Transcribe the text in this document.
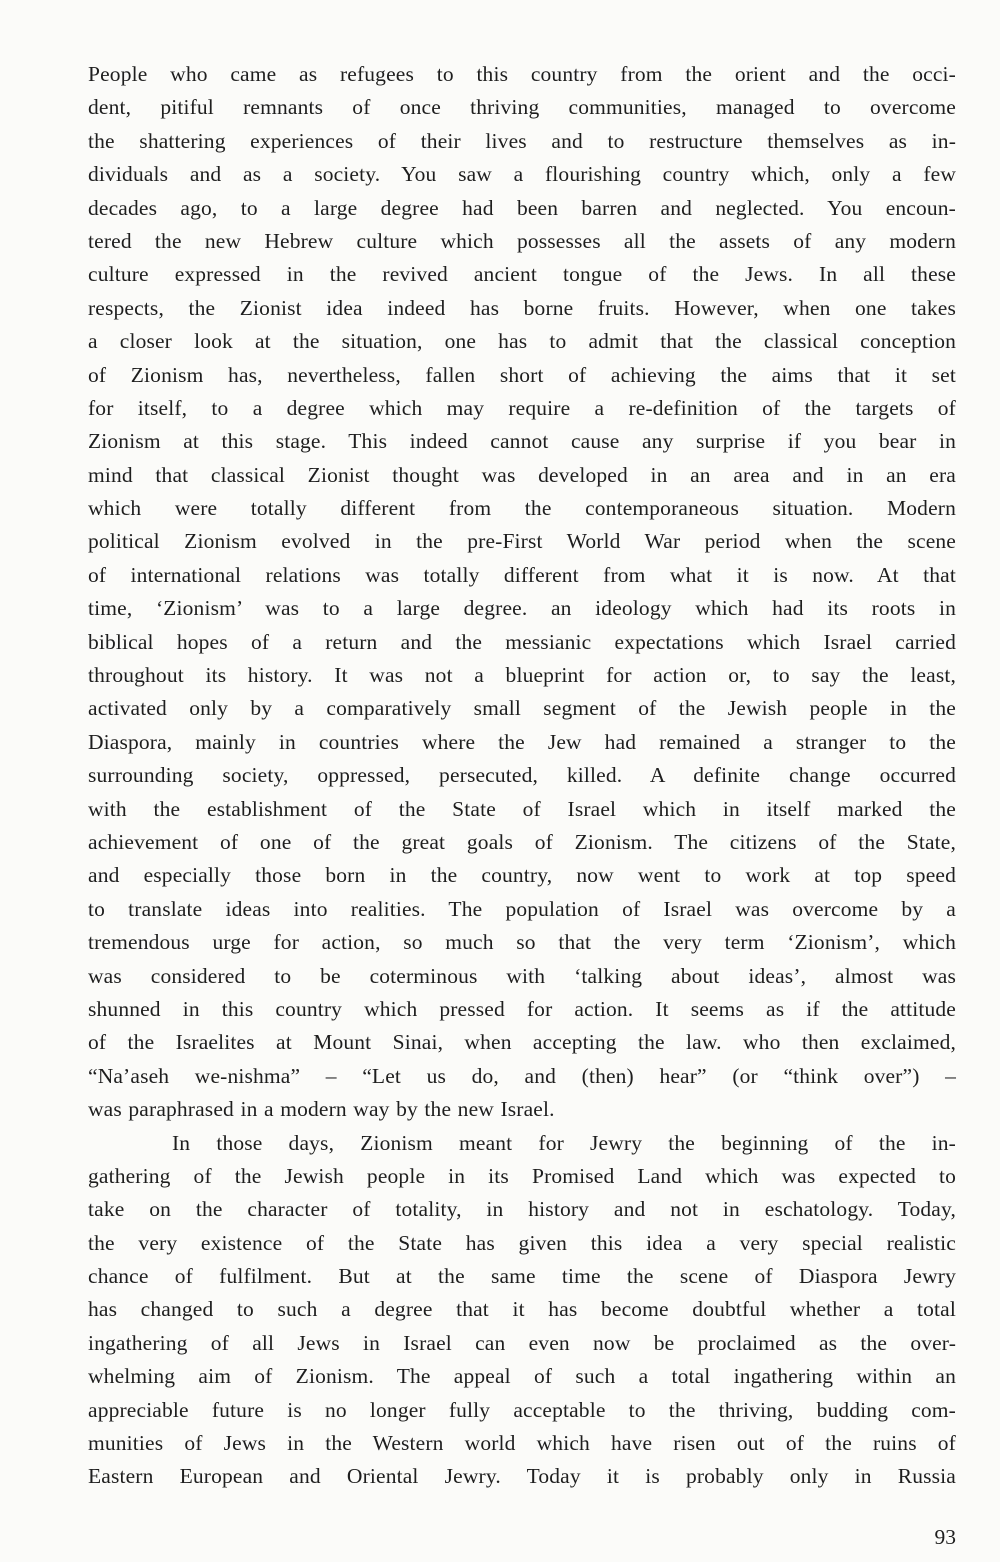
People who came as refugees to this country from the orient and the occi-
dent, pitiful remnants of once thriving communities, managed to overcome
the shattering experiences of their lives and to restructure themselves as in-
dividuals and as a society. You saw a flourishing country which, only a few
decades ago, to a large degree had been barren and neglected. You encoun-
tered the new Hebrew culture which possesses all the assets of any modern
culture expressed in the revived ancient tongue of the Jews. In all these
respects, the Zionist idea indeed has borne fruits. However, when one takes
a closer look at the situation, one has to admit that the classical conception
of Zionism has, nevertheless, fallen short of achieving the aims that it set
for itself, to a degree which may require a re-definition of the targets of
Zionism at this stage. This indeed cannot cause any surprise if you bear in
mind that classical Zionist thought was developed in an area and in an era
which were totally different from the contemporaneous situation. Modern
political Zionism evolved in the pre-First World War period when the scene
of international relations was totally different from what it is now. At that
time, ‘Zionism’ was to a large degree. an ideology which had its roots in
biblical hopes of a return and the messianic expectations which Israel carried
throughout its history. It was not a blueprint for action or, to say the least,
activated only by a comparatively small segment of the Jewish people in the
Diaspora, mainly in countries where the Jew had remained a stranger to the
surrounding society, oppressed, persecuted, killed. A definite change occurred
with the establishment of the State of Israel which in itself marked the
achievement of one of the great goals of Zionism. The citizens of the State,
and especially those born in the country, now went to work at top speed
to translate ideas into realities. The population of Israel was overcome by a
tremendous urge for action, so much so that the very term ‘Zionism’, which
was considered to be coterminous with ‘talking about ideas’, almost was
shunned in this country which pressed for action. It seems as if the attitude
of the Israelites at Mount Sinai, when accepting the law. who then exclaimed,
“Na’aseh we-nishma” – “Let us do, and (then) hear” (or “think over”) –
was paraphrased in a modern way by the new Israel.
In those days, Zionism meant for Jewry the beginning of the in-
gathering of the Jewish people in its Promised Land which was expected to
take on the character of totality, in history and not in eschatology. Today,
the very existence of the State has given this idea a very special realistic
chance of fulfilment. But at the same time the scene of Diaspora Jewry
has changed to such a degree that it has become doubtful whether a total
ingathering of all Jews in Israel can even now be proclaimed as the over-
whelming aim of Zionism. The appeal of such a total ingathering within an
appreciable future is no longer fully acceptable to the thriving, budding com-
munities of Jews in the Western world which have risen out of the ruins of
Eastern European and Oriental Jewry. Today it is probably only in Russia
93
